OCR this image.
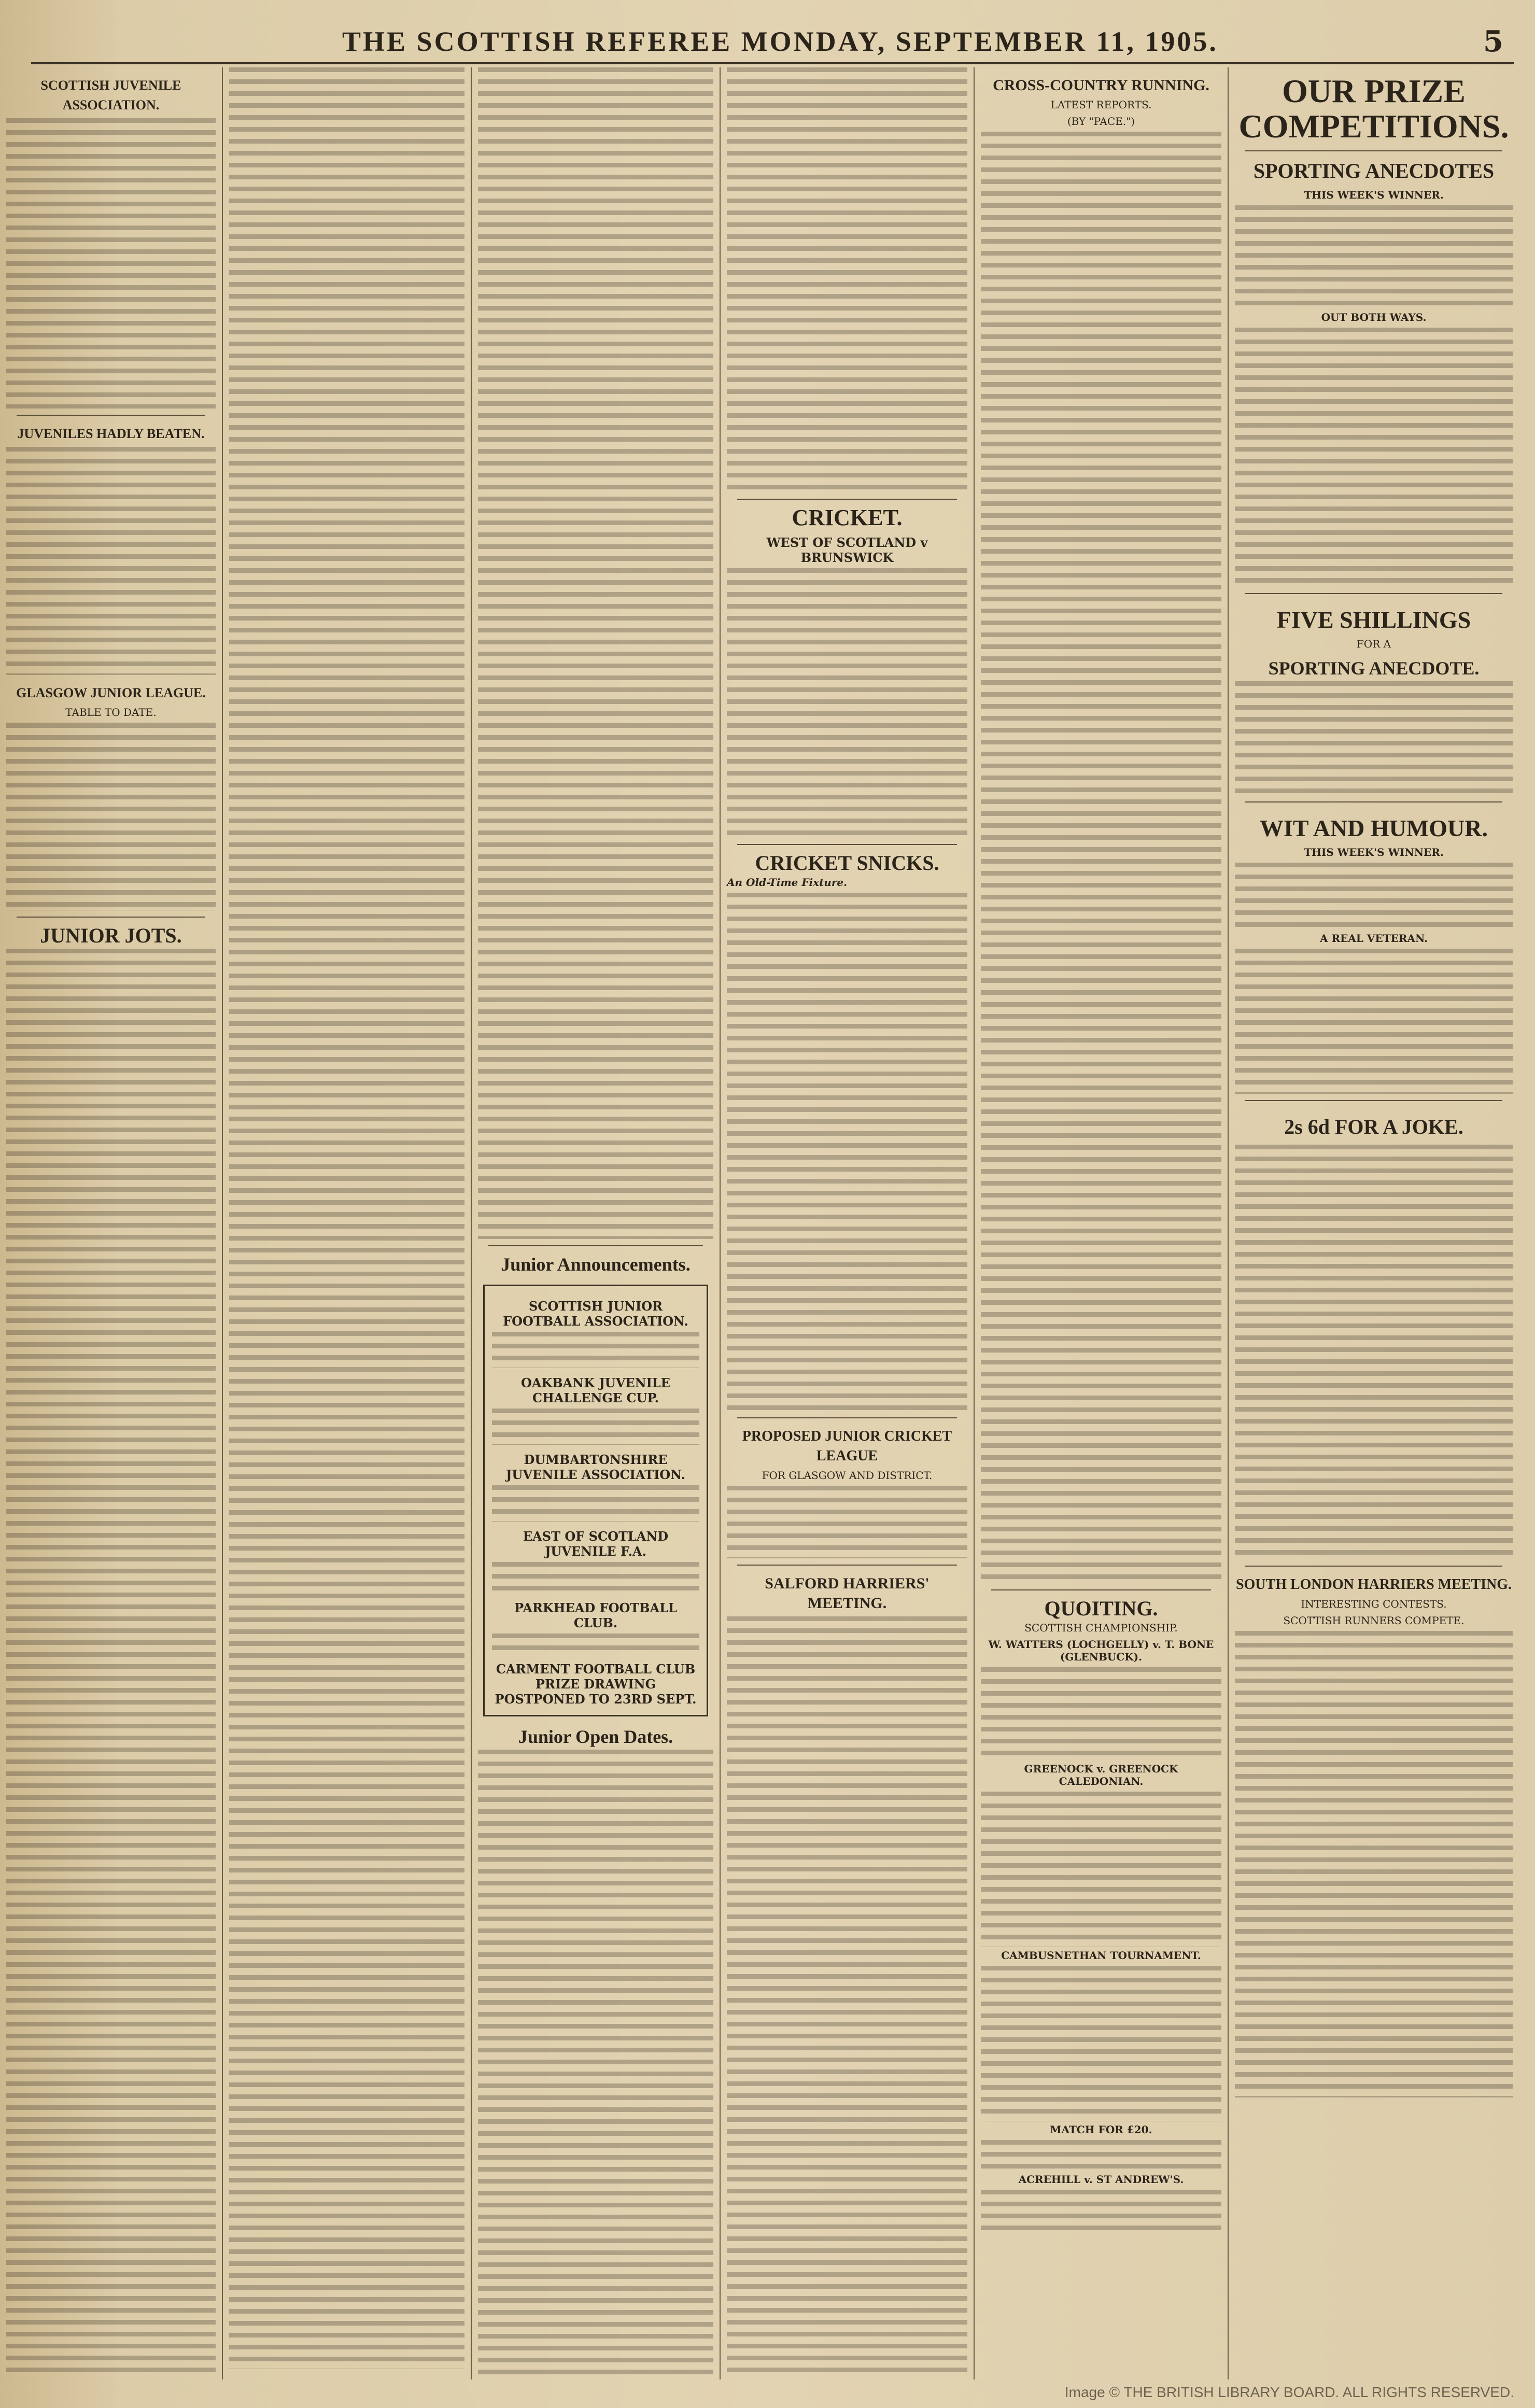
THE SCOTTISH REFEREE MONDAY, SEPTEMBER 11, 1905.	5
SCOTTISH JUVENILE ASSOCIATION.
JUVENILES HADLY BEATEN.
GLASGOW JUNIOR LEAGUE.
TABLE TO DATE.
JUNIOR JOTS.
Junior Announcements.
SCOTTISH JUNIOR FOOTBALL ASSOCIATION.
OAKBANK JUVENILE CHALLENGE CUP.
DUMBARTONSHIRE JUVENILE ASSOCIATION.
EAST OF SCOTLAND JUVENILE F.A.
PARKHEAD FOOTBALL CLUB.
CARMENT FOOTBALL CLUB PRIZE DRAWING POSTPONED TO 23RD SEPT.
Junior Open Dates.
CRICKET.
WEST OF SCOTLAND v BRUNSWICK
CRICKET SNICKS.
An Old-Time Fixture.
PROPOSED JUNIOR CRICKET LEAGUE
FOR GLASGOW AND DISTRICT.
SALFORD HARRIERS' MEETING.
CROSS-COUNTRY RUNNING.
LATEST REPORTS.
(BY "PACE.")
QUOITING.
SCOTTISH CHAMPIONSHIP.
W. WATTERS (LOCHGELLY) v. T. BONE (GLENBUCK).
GREENOCK v. GREENOCK CALEDONIAN.
CAMBUSNETHAN TOURNAMENT.
MATCH FOR £20.
ACREHILL v. ST ANDREW'S.
OUR PRIZE COMPETITIONS.
SPORTING ANECDOTES
THIS WEEK'S WINNER.
OUT BOTH WAYS.
FIVE SHILLINGS
FOR A
SPORTING ANECDOTE.
WIT AND HUMOUR.
THIS WEEK'S WINNER.
A REAL VETERAN.
2s 6d FOR A JOKE.
SOUTH LONDON HARRIERS MEETING.
INTERESTING CONTESTS.
SCOTTISH RUNNERS COMPETE.
Image © THE BRITISH LIBRARY BOARD. ALL RIGHTS RESERVED.
